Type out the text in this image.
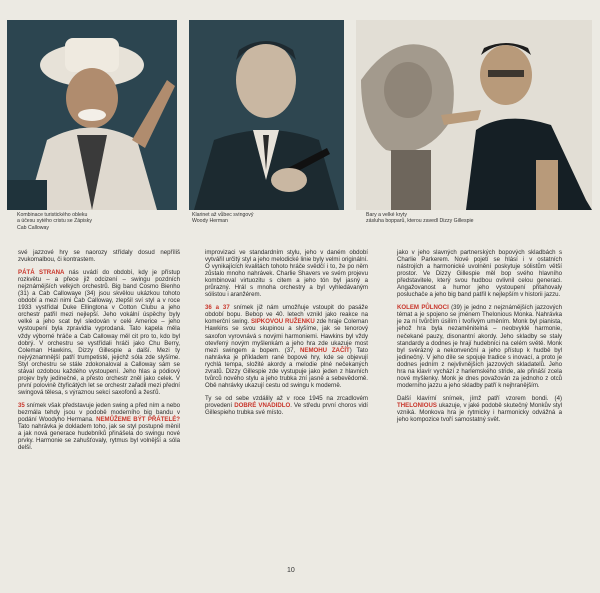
Kombinace turistického obleku
a účesu sytého cristu se Zápisky
Cab Calloway
Klarinet až vůbec svingový
Woody Herman
Bary a velké kryty
zásluha bopparů, kterou zavedl Dizzy Gillespie

své jazzové hry se naorozy střídaly dosud nepříliš zvukomalbou, či kontrastem.

PÁTÁ STRANA nás uvádí do období, kdy je přístup rozkvětu – a přece již odcizení – swingu pozdních nejznámějších velkých orchestrů. Big band Cosmo Bienho (31) a Cab Callowaye (34) jsou skvělou ukázkou tohoto období a mezi nimi Cab Calloway, zlepšil sví styl a v roce 1933 vystřídal Duke Ellingtona v Cotton Clubu a jeho orchestr patřil mezi nejlepší. Jeho vokální úspěchy byly velké a jeho scat byl sledován v celé Americe – jeho vystoupení byla zpravidla vyprodaná. Tato kapela měla vždy výborné hráče a Cab Calloway měl cit pro to, kdo byl dobrý. V orchestru se vystřídali hráči jako Chu Berry, Coleman Hawkins, Dizzy Gillespie a další. Mezi ty nejvýznamnější patří trumpetisté, jejichž sóla zde slyšíme. Styl orchestru se stále zdokonaloval a Calloway sám se stával ozdobou každého vystoupení. Jeho hlas a pódiový projev byly jedinečné, a přesto orchestr zněl jako celek. V první polovině čtyřicátých let se orchestr zařadil mezi přední swingová tělesa, s výraznou sekcí saxofonů a žesťů.

35 snímek však představuje jeden swing a před ním a nebo bezmála tehdy jsou v podobě moderního big bandu v podání Woodyho Hermana. NEMŮŽEME BÝT PŘÁTELÉ? Tato nahrávka je dokladem toho, jak se styl postupně měnil a jak nová generace hudebníků přinášela do swingu nové prvky. Harmonie se zahušťovaly, rytmus byl volnější a sóla delší.

improvizaci ve standardním stylu, jeho v daném období vytvářil určitý styl a jeho melodické linie byly velmi originální. O vynikajících kvalitách tohoto hráče svědčí i to, že po něm zůstalo mnoho nahrávek. Charlie Shavers ve svém projevu kombinoval virtuozitu s citem a jeho tón byl jasný a průrazný. Hrál s mnoha orchestry a byl vyhledávaným sólistou i aranžérem.

36 a 37 snímek již nám umožňuje vstoupit do pasáže období bopu. Bebop ve 40. letech vznikl jako reakce na komerční swing. SIPKOVOU RUŽENKU zde hraje Coleman Hawkins se svou skupinou a slyšíme, jak se tenorový saxofon vyrovnává s novými harmoniemi. Hawkins byl vždy otevřený novým myšlenkám a jeho hra zde ukazuje most mezi swingem a bopem. (37, NEMOHU ZAČÍT) Tato nahrávka je příkladem rané bopové hry, kde se objevují rychlá tempa, složité akordy a melodie plné nečekaných zvratů. Dizzy Gillespie zde vystupuje jako jeden z hlavních tvůrců nového stylu a jeho trubka zní jasně a sebevědomě. Obě nahrávky ukazují cestu od swingu k moderně.

Ty se od sebe vzdálily až v roce 1945 na zrcadlovém provedení DOBRÉ VNADIDLO. Ve středu první choros vidí Gillespieho trubka své místo.

jako v jeho slavných partnerských bopových skladbách s Charlie Parkerem. Nové pojetí se hlásí i v ostatních nástrojích a harmonické uvolnění poskytuje sólistům větší prostor. Ve Dizzy Gillespie měl bop svého hlavního představitele, který svou hudbou ovlivnil celou generaci. Angažovanost a humor jeho vystoupení přitahovaly posluchače a jeho big band patřil k nejlepším v historii jazzu.

KOLEM PŮLNOCI (39) je jedno z nejznámějších jazzových témat a je spojeno se jménem Thelonious Monka. Nahrávka je za ní tvůrčím úsilím i tvořivým uměním. Monk byl pianista, jehož hra byla nezaměnitelná – neobvyklé harmonie, nečekané pauzy, disonantní akordy. Jeho skladby se staly standardy a dodnes je hrají hudebníci na celém světě. Monk byl svérázný a nekonvenční a jeho přístup k hudbě byl jedinečný. V jeho díle se spojuje tradice s inovací, a proto je dodnes jedním z nejvlivnějších jazzových skladatelů. Jeho hra na klavír vychází z harlemského stride, ale přináší zcela nové myšlenky. Monk je dnes považován za jednoho z otců moderního jazzu a jeho skladby patří k nejhranějším.

Další klavírní snímek, jímž patří vzorem bondi. (4) THELONIOUS ukazuje, v jaké podobě skutečný Monkův styl vzniká. Monkova hra je rytmicky i harmonicky odvážná a jeho kompozice tvoří samostatný svět.

10
